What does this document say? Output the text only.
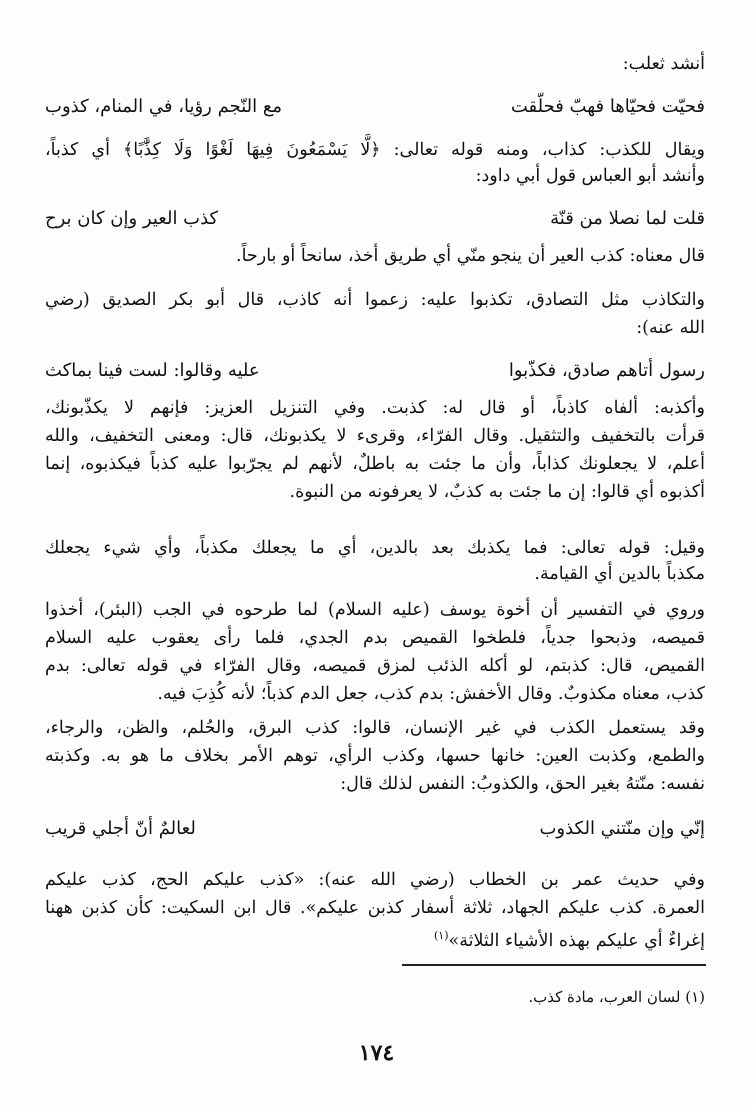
أنشد ثعلب:
فحيّت فحيّاها فهبّ فحلّقت
مع النّجم رؤيا، في المنام، كذوب
ويقال للكذب: كذاب، ومنه قوله تعالى: ﴿لَّا يَسْمَعُونَ فِيهَا لَغْوًا وَلَا كِذَّٰبًا﴾ أي كذباً،
وأنشد أبو العباس قول أبي داود:
قلت لما نصلا من قنّة
كذب العير وإن كان برح
قال معناه: كذب العير أن ينجو منّي أي طريق أخذ، سانحاً أو بارحاً.
والتكاذب مثل التصادق، تكذبوا عليه: زعموا أنه كاذب، قال أبو بكر الصديق (رضي
الله عنه):
رسول أتاهم صادق، فكذّبوا
عليه وقالوا: لست فينا بماكث
وأكذبه: ألفاه كاذباً، أو قال له: كذبت. وفي التنزيل العزيز: فإنهم لا يكذّبونك،
قرأت بالتخفيف والتثقيل. وقال الفرّاء، وقرىء لا يكذبونك، قال: ومعنى التخفيف، والله
أعلم، لا يجعلونك كذاباً، وأن ما جئت به باطلٌ، لأنهم لم يجرّبوا عليه كذباً فيكذبوه، إنما
أكذبوه أي قالوا: إن ما جئت به كذبٌ، لا يعرفونه من النبوة.
وقيل: قوله تعالى: فما يكذبك بعد بالدين، أي ما يجعلك مكذباً، وأي شيء يجعلك
مكذباً بالدين أي القيامة.
وروي في التفسير أن أخوة يوسف (عليه السلام) لما طرحوه في الجب (البئر)، أخذوا
قميصه، وذبحوا جدياً، فلطخوا القميص بدم الجدي، فلما رأى يعقوب عليه السلام
القميص، قال: كذبتم، لو أكله الذئب لمزق قميصه، وقال الفرّاء في قوله تعالى: بدم
كذب، معناه مكذوبٌ. وقال الأخفش: بدم كذب، جعل الدم كذباً؛ لأنه كُذِبَ فيه.
وقد يستعمل الكذب في غير الإنسان، قالوا: كذب البرق، والحُلم، والظن، والرجاء،
والطمع، وكذبت العين: خانها حسها، وكذب الرأي، توهم الأمر بخلاف ما هو به. وكذبته
نفسه: منّتهُ بغير الحق، والكذوبُ: النفس لذلك قال:
إنّي وإن منّتني الكذوب
لعالمٌ أنّ أجلي قريب
وفي حديث عمر بن الخطاب (رضي الله عنه): «كذب عليكم الحج، كذب عليكم
العمرة. كذب عليكم الجهاد، ثلاثة أسفار كذبن عليكم». قال ابن السكيت: كأن كذبن ههنا
إغراءٌ أي عليكم بهذه الأشياء الثلاثة»$^{(١)}$
(١) لسان العرب، مادة كذب.
١٧٤
